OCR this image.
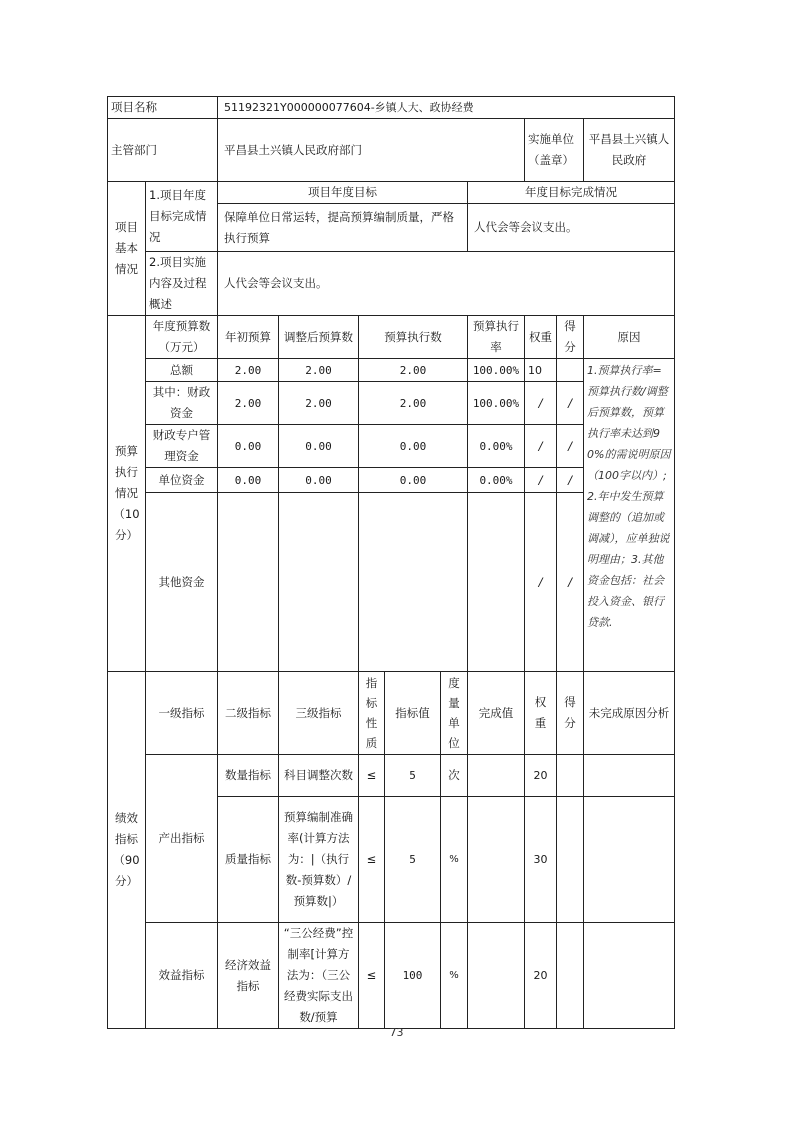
项目名称		51192321Y000000077604-乡镇人大、政协经费								
主管部门		平昌县土兴镇人民政府部门						实施单位（盖章）		平昌县土兴镇人民政府
项目基本情况	1.项目年度目标完成情况	项目年度目标					年度目标完成情况			
		保障单位日常运转，提高预算编制质量，严格执行预算					人代会等会议支出。			
	2.项目实施内容及过程概述	人代会等会议支出。								
预算执行情况（10分）	年度预算数（万元）	年初预算	调整后预算数	预算执行数			预算执行率	权重	得分	原因
	总额	2.00	2.00	2.00			100.00%	10		1.预算执行率=预算执行数/调整后预算数，预算执行率未达到90%的需说明原因（100字以内）;2.年中发生预算调整的（追加或调减），应单独说明理由；3.其他资金包括：社会投入资金、银行贷款.
	其中：财政资金	2.00	2.00	2.00			100.00%	/	/	
	财政专户管理资金	0.00	0.00	0.00			0.00%	/	/	
	单位资金	0.00	0.00	0.00			0.00%	/	/	
	其他资金							/	/	
绩效指标（90分）	一级指标	二级指标	三级指标	指标性质	指标值	度量单位	完成值	权重	得分	未完成原因分析
	产出指标	数量指标	科目调整次数	≤	5	次		20		
		质量指标	预算编制准确率(计算方法为：|（执行数-预算数）/预算数|）	≤	5	%		30		
	效益指标	经济效益指标	“三公经费”控制率[计算方法为：（三公经费实际支出数/预算	≤	100	%		20		
73
